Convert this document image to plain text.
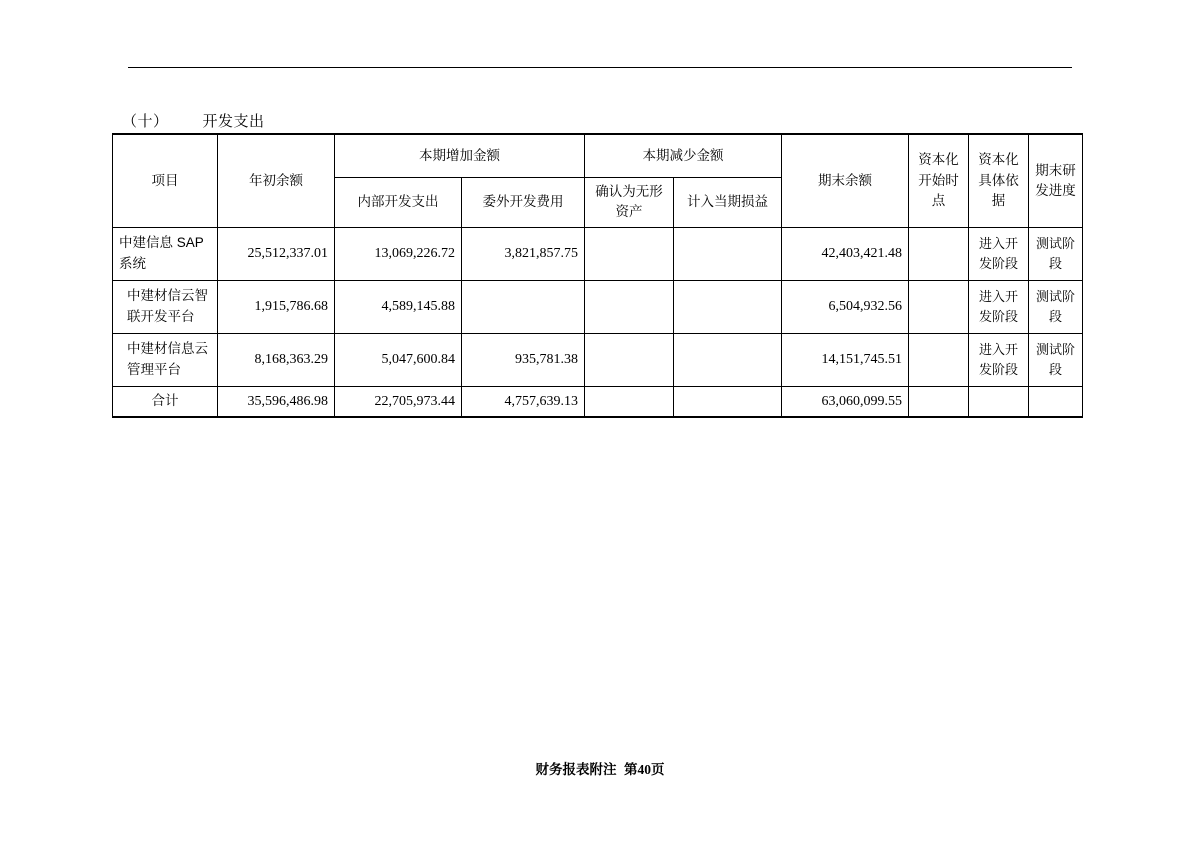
（十） 开发支出
项目	年初余额	本期增加金额		本期减少金额		期末余额	资本化开始时点	资本化具体依据	期末研发进度
		内部开发支出	委外开发费用	确认为无形资产	计入当期损益				
中建信息 SAP 系统	25,512,337.01	13,069,226.72	3,821,857.75			42,403,421.48		进入开发阶段	测试阶段
中建材信云智联开发平台	1,915,786.68	4,589,145.88				6,504,932.56		进入开发阶段	测试阶段
中建材信息云管理平台	8,168,363.29	5,047,600.84	935,781.38			14,151,745.51		进入开发阶段	测试阶段
合计	35,596,486.98	22,705,973.44	4,757,639.13			63,060,099.55			
财务报表附注 第40页
